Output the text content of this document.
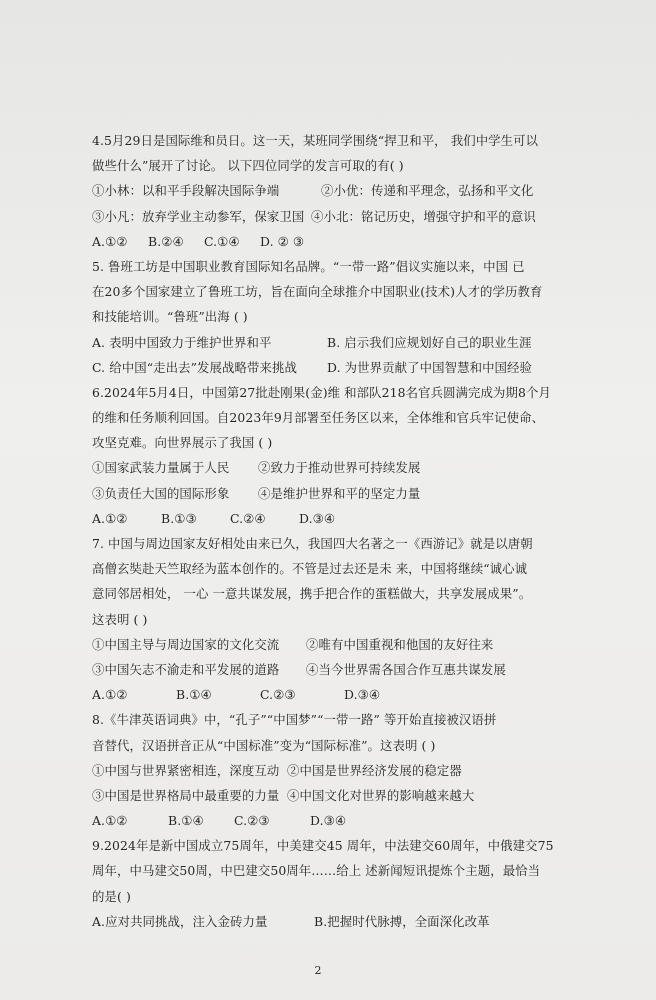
4.5月29日是国际维和员日。这一天，某班同学围绕“捍卫和平， 我们中学生可以
做些什么”展开了讨论。 以下四位同学的发言可取的有( )
①小林：以和平手段解决国际争端	②小优：传递和平理念，弘扬和平文化
③小凡：放弃学业主动参军，保家卫国 ④小北：铭记历史，增强守护和平的意识
A.①②	B.②④	C.①④	D. ② ③
5. 鲁班工坊是中国职业教育国际知名品牌。“一带一路”倡议实施以来，中国 已
在20多个国家建立了鲁班工坊，旨在面向全球推介中国职业(技术)人才的学历教育
和技能培训。“鲁班”出海 ( )
A. 表明中国致力于维护世界和平	B. 启示我们应规划好自己的职业生涯
C. 给中国“走出去”发展战略带来挑战	D. 为世界贡献了中国智慧和中国经验
6.2024年5月4日，中国第27批赴刚果(金)维 和部队218名官兵圆满完成为期8个月
的维和任务顺利回国。自2023年9月部署至任务区以来，全体维和官兵牢记使命、
攻坚克难。向世界展示了我国 ( )
①国家武装力量属于人民	②致力于推动世界可持续发展
③负责任大国的国际形象	④是维护世界和平的坚定力量
A.①②	B.①③	C.②④	D.③④
7. 中国与周边国家友好相处由来已久，我国四大名著之一《西游记》就是以唐朝
高僧玄奘赴天竺取经为蓝本创作的。不管是过去还是未 来，中国将继续“诚心诚
意同邻居相处， 一心 一意共谋发展，携手把合作的蛋糕做大，共享发展成果”。
这表明 ( )
①中国主导与周边国家的文化交流	②唯有中国重视和他国的友好往来
③中国矢志不渝走和平发展的道路	④当今世界需各国合作互惠共谋发展
A.①②	B.①④	C.②③	D.③④
8.《牛津英语词典》中，“孔子”“中国梦”“一带一路” 等开始直接被汉语拼
音替代，汉语拼音正从“中国标准”变为“国际标准”。这表明 ( )
①中国与世界紧密相连，深度互动 ②中国是世界经济发展的稳定器
③中国是世界格局中最重要的力量 ④中国文化对世界的影响越来越大
A.①②	B.①④	C.②③	D.③④
9.2024年是新中国成立75周年，中美建交45 周年，中法建交60周年，中俄建交75
周年，中马建交50周，中巴建交50周年……给上 述新闻短讯提炼个主题，最恰当
的是( )
A.应对共同挑战，注入金砖力量	B.把握时代脉搏，全面深化改革
2
